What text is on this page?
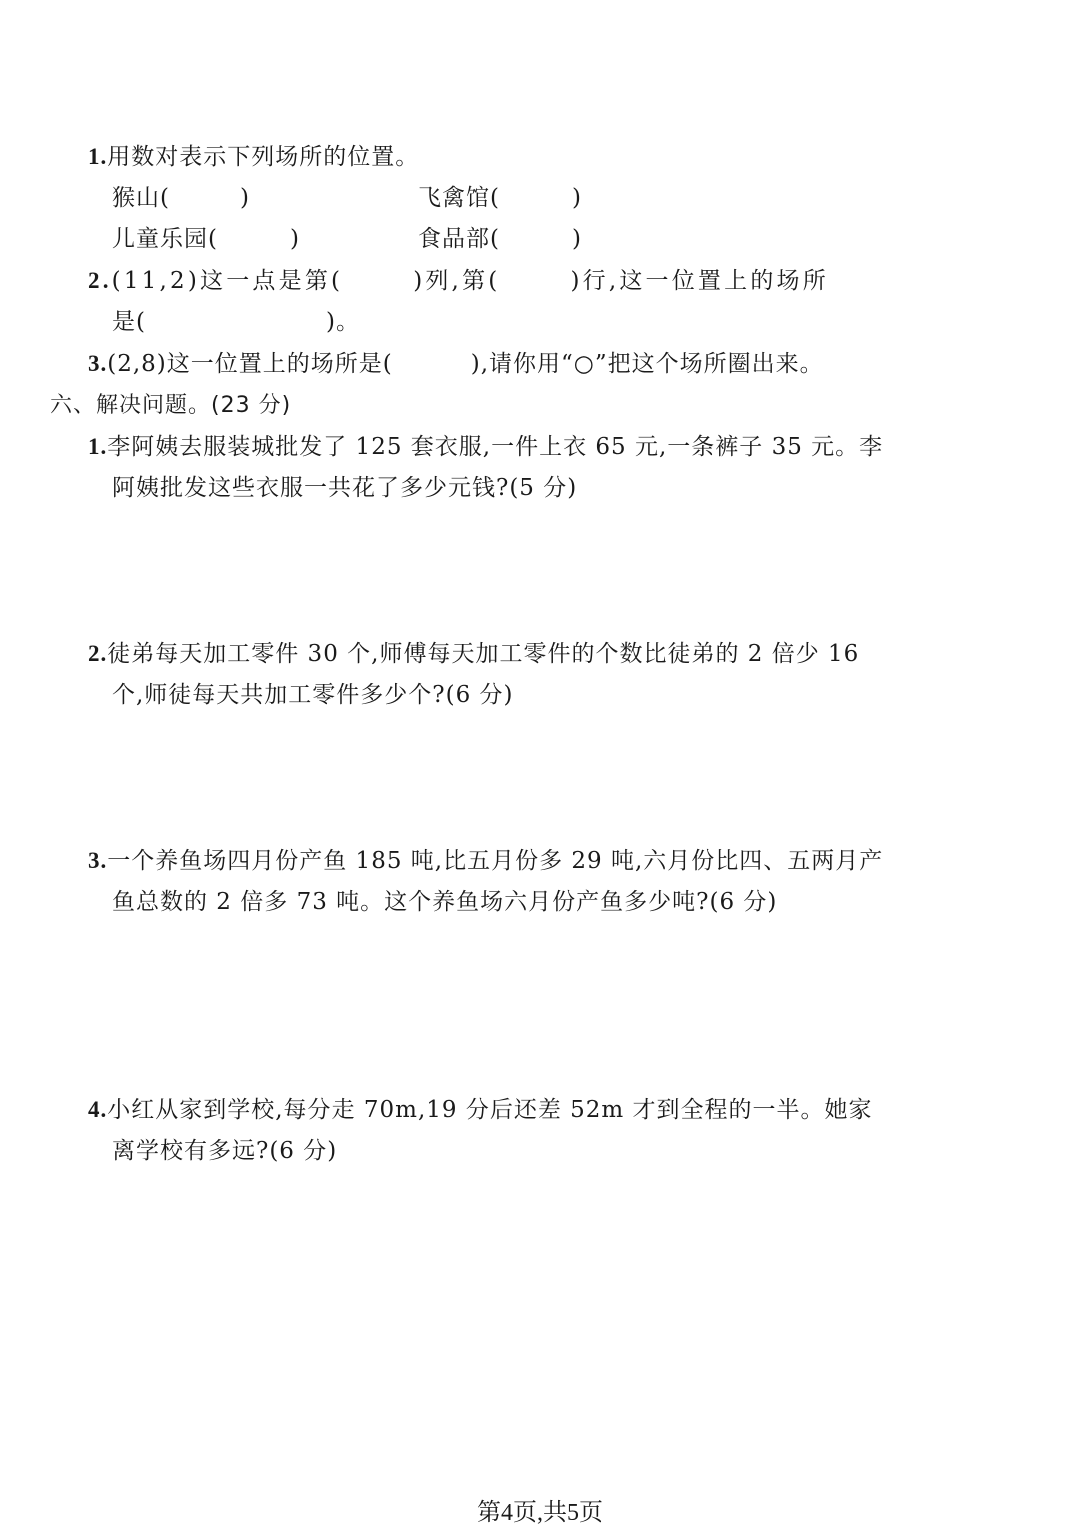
1.用数对表示下列场所的位置。
猴山(	)	飞禽馆(	)
儿童乐园(	)	食品部(	)
2.(11,2)这一点是第(	)列,第(	)行,这一位置上的场所
是(	)。
3.(2,8)这一位置上的场所是(	),请你用“○”把这个场所圈出来。
六、解决问题。(23 分)
1.李阿姨去服装城批发了 125 套衣服,一件上衣 65 元,一条裤子 35 元。李
阿姨批发这些衣服一共花了多少元钱?(5 分)
2.徒弟每天加工零件 30 个,师傅每天加工零件的个数比徒弟的 2 倍少 16
个,师徒每天共加工零件多少个?(6 分)
3.一个养鱼场四月份产鱼 185 吨,比五月份多 29 吨,六月份比四、五两月产
鱼总数的 2 倍多 73 吨。这个养鱼场六月份产鱼多少吨?(6 分)
4.小红从家到学校,每分走 70m,19 分后还差 52m 才到全程的一半。她家
离学校有多远?(6 分)
第4页,共5页
